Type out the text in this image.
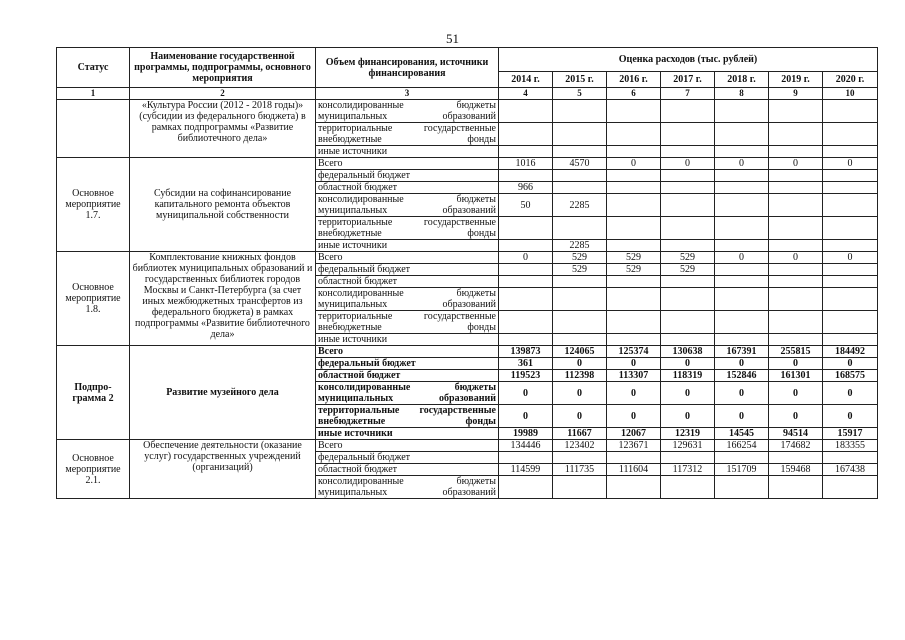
51
Статус	Наименование государственной программы, подпрограммы, основного мероприятия	Объем финансирования, источники финансирования	Оценка расходов (тыс. рублей)						
			2014 г.	2015 г.	2016 г.	2017 г.	2018 г.	2019 г.	2020 г.
1	2	3	4	5	6	7	8	9	10
	«Культура России (2012 - 2018 годы)» (субсидии из федерального бюджета) в рамках подпрограммы «Развитие библиотечного дела»	консолидированные бюджеты муниципальных образований							
		территориальные государственные внебюджетные фонды							
		иные источники							
Основное мероприятие 1.7.	Субсидии на софинансирование капитального ремонта объектов муниципальной собственности	Всего	1016	4570	0	0	0	0	0
		федеральный бюджет							
		областной бюджет	966						
		консолидированные бюджеты муниципальных образований	50	2285					
		территориальные государственные внебюджетные фонды							
		иные источники		2285					
Основное мероприятие 1.8.	Комплектование книжных фондов библиотек муниципальных образований и государственных библиотек городов Москвы и Санкт-Петербурга (за счет иных межбюджетных трансфертов из федерального бюджета) в рамках подпрограммы «Развитие библиотечного дела»	Всего	0	529	529	529	0	0	0
		федеральный бюджет		529	529	529			
		областной бюджет							
		консолидированные бюджеты муниципальных образований							
		территориальные государственные внебюджетные фонды							
		иные источники							
Подпро-грамма 2	Развитие музейного дела	Всего	139873	124065	125374	130638	167391	255815	184492
		федеральный бюджет	361	0	0	0	0	0	0
		областной бюджет	119523	112398	113307	118319	152846	161301	168575
		консолидированные бюджеты муниципальных образований	0	0	0	0	0	0	0
		территориальные государственные внебюджетные фонды	0	0	0	0	0	0	0
		иные источники	19989	11667	12067	12319	14545	94514	15917
Основное мероприятие 2.1.	Обеспечение деятельности (оказание услуг) государственных учреждений (организаций)	Всего	134446	123402	123671	129631	166254	174682	183355
		федеральный бюджет							
		областной бюджет	114599	111735	111604	117312	151709	159468	167438
		консолидированные бюджеты муниципальных образований							
